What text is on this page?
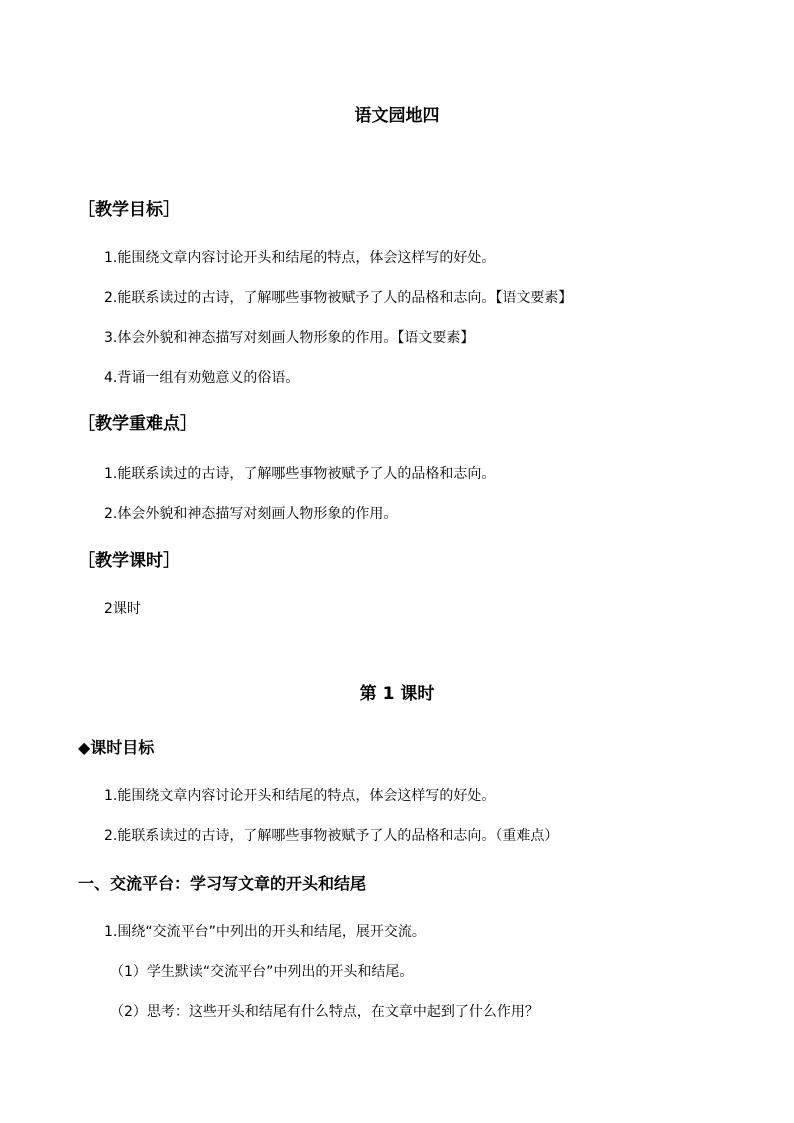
语文园地四
［教学目标］
1.能围绕文章内容讨论开头和结尾的特点，体会这样写的好处。
2.能联系读过的古诗，了解哪些事物被赋予了人的品格和志向。【语文要素】
3.体会外貌和神态描写对刻画人物形象的作用。【语文要素】
4.背诵一组有劝勉意义的俗语。
［教学重难点］
1.能联系读过的古诗，了解哪些事物被赋予了人的品格和志向。
2.体会外貌和神态描写对刻画人物形象的作用。
［教学课时］
2课时
第 1 课时
◆课时目标
1.能围绕文章内容讨论开头和结尾的特点，体会这样写的好处。
2.能联系读过的古诗，了解哪些事物被赋予了人的品格和志向。（重难点）
一、交流平台：学习写文章的开头和结尾
1.围绕“交流平台”中列出的开头和结尾，展开交流。
（1）学生默读“交流平台”中列出的开头和结尾。
（2）思考：这些开头和结尾有什么特点，在文章中起到了什么作用？
